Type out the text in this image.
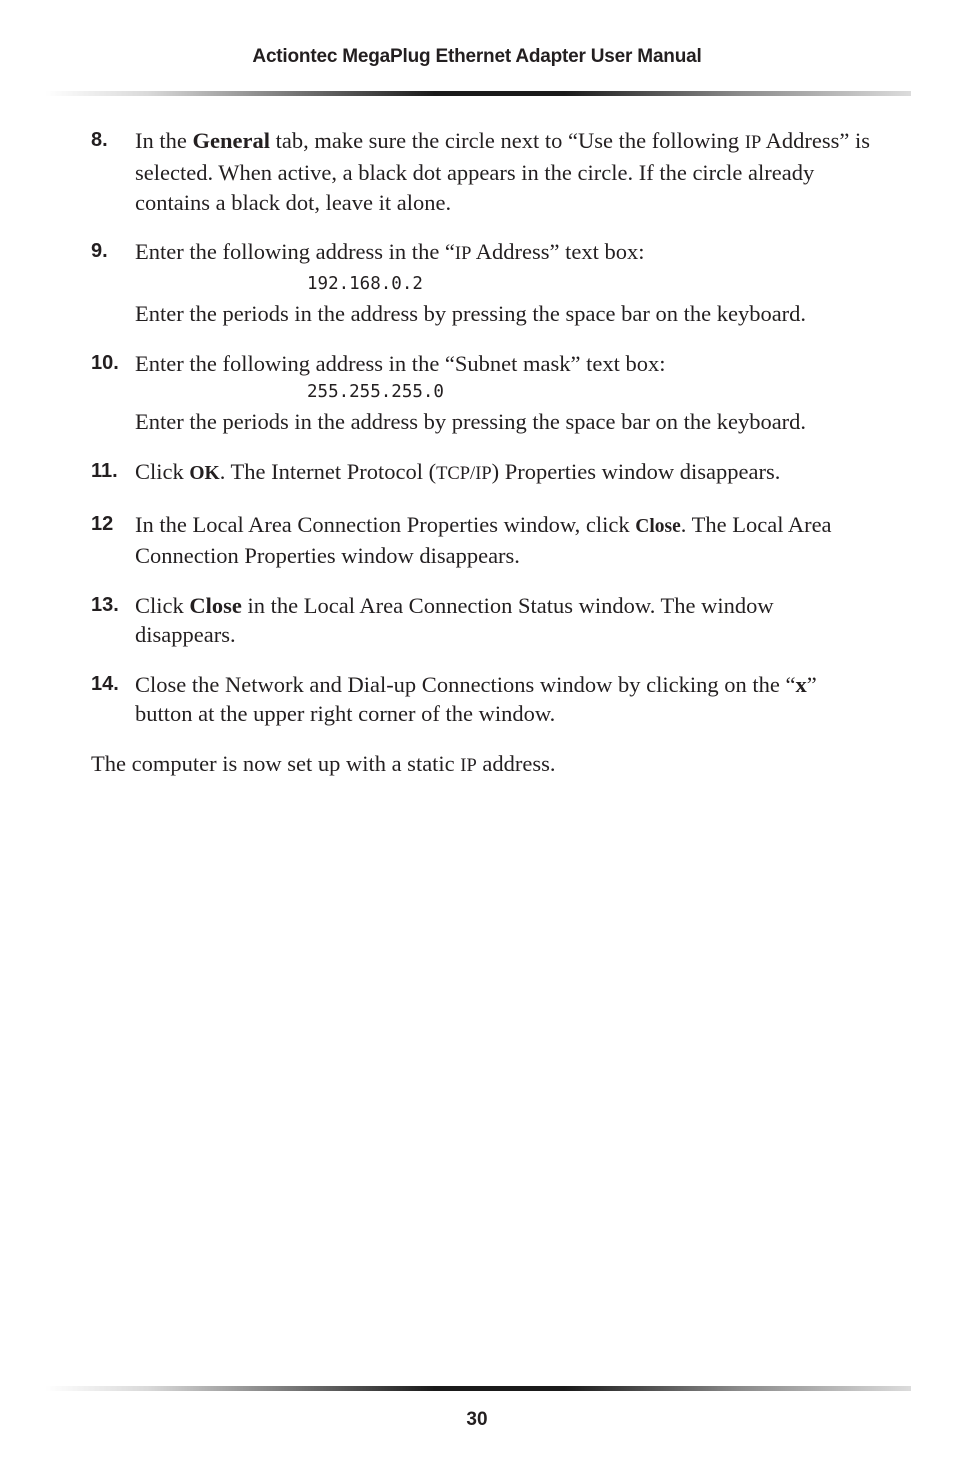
Actiontec MegaPlug Ethernet Adapter User Manual
8. In the General tab, make sure the circle next to “Use the following IP Address” is selected. When active, a black dot appears in the circle. If the circle already contains a black dot, leave it alone.

9. Enter the following address in the “IP Address” text box:

192.168.0.2

Enter the periods in the address by pressing the space bar on the keyboard.

10. Enter the following address in the “Subnet mask” text box:

255.255.255.0

Enter the periods in the address by pressing the space bar on the keyboard.

11. Click OK. The Internet Protocol (TCP/IP) Properties window disappears.

12 In the Local Area Connection Properties window, click Close. The Local Area Connection Properties window disappears.

13. Click Close in the Local Area Connection Status window. The window disappears.

14. Close the Network and Dial-up Connections window by clicking on the “x” button at the upper right corner of the window.

The computer is now set up with a static IP address.

30
